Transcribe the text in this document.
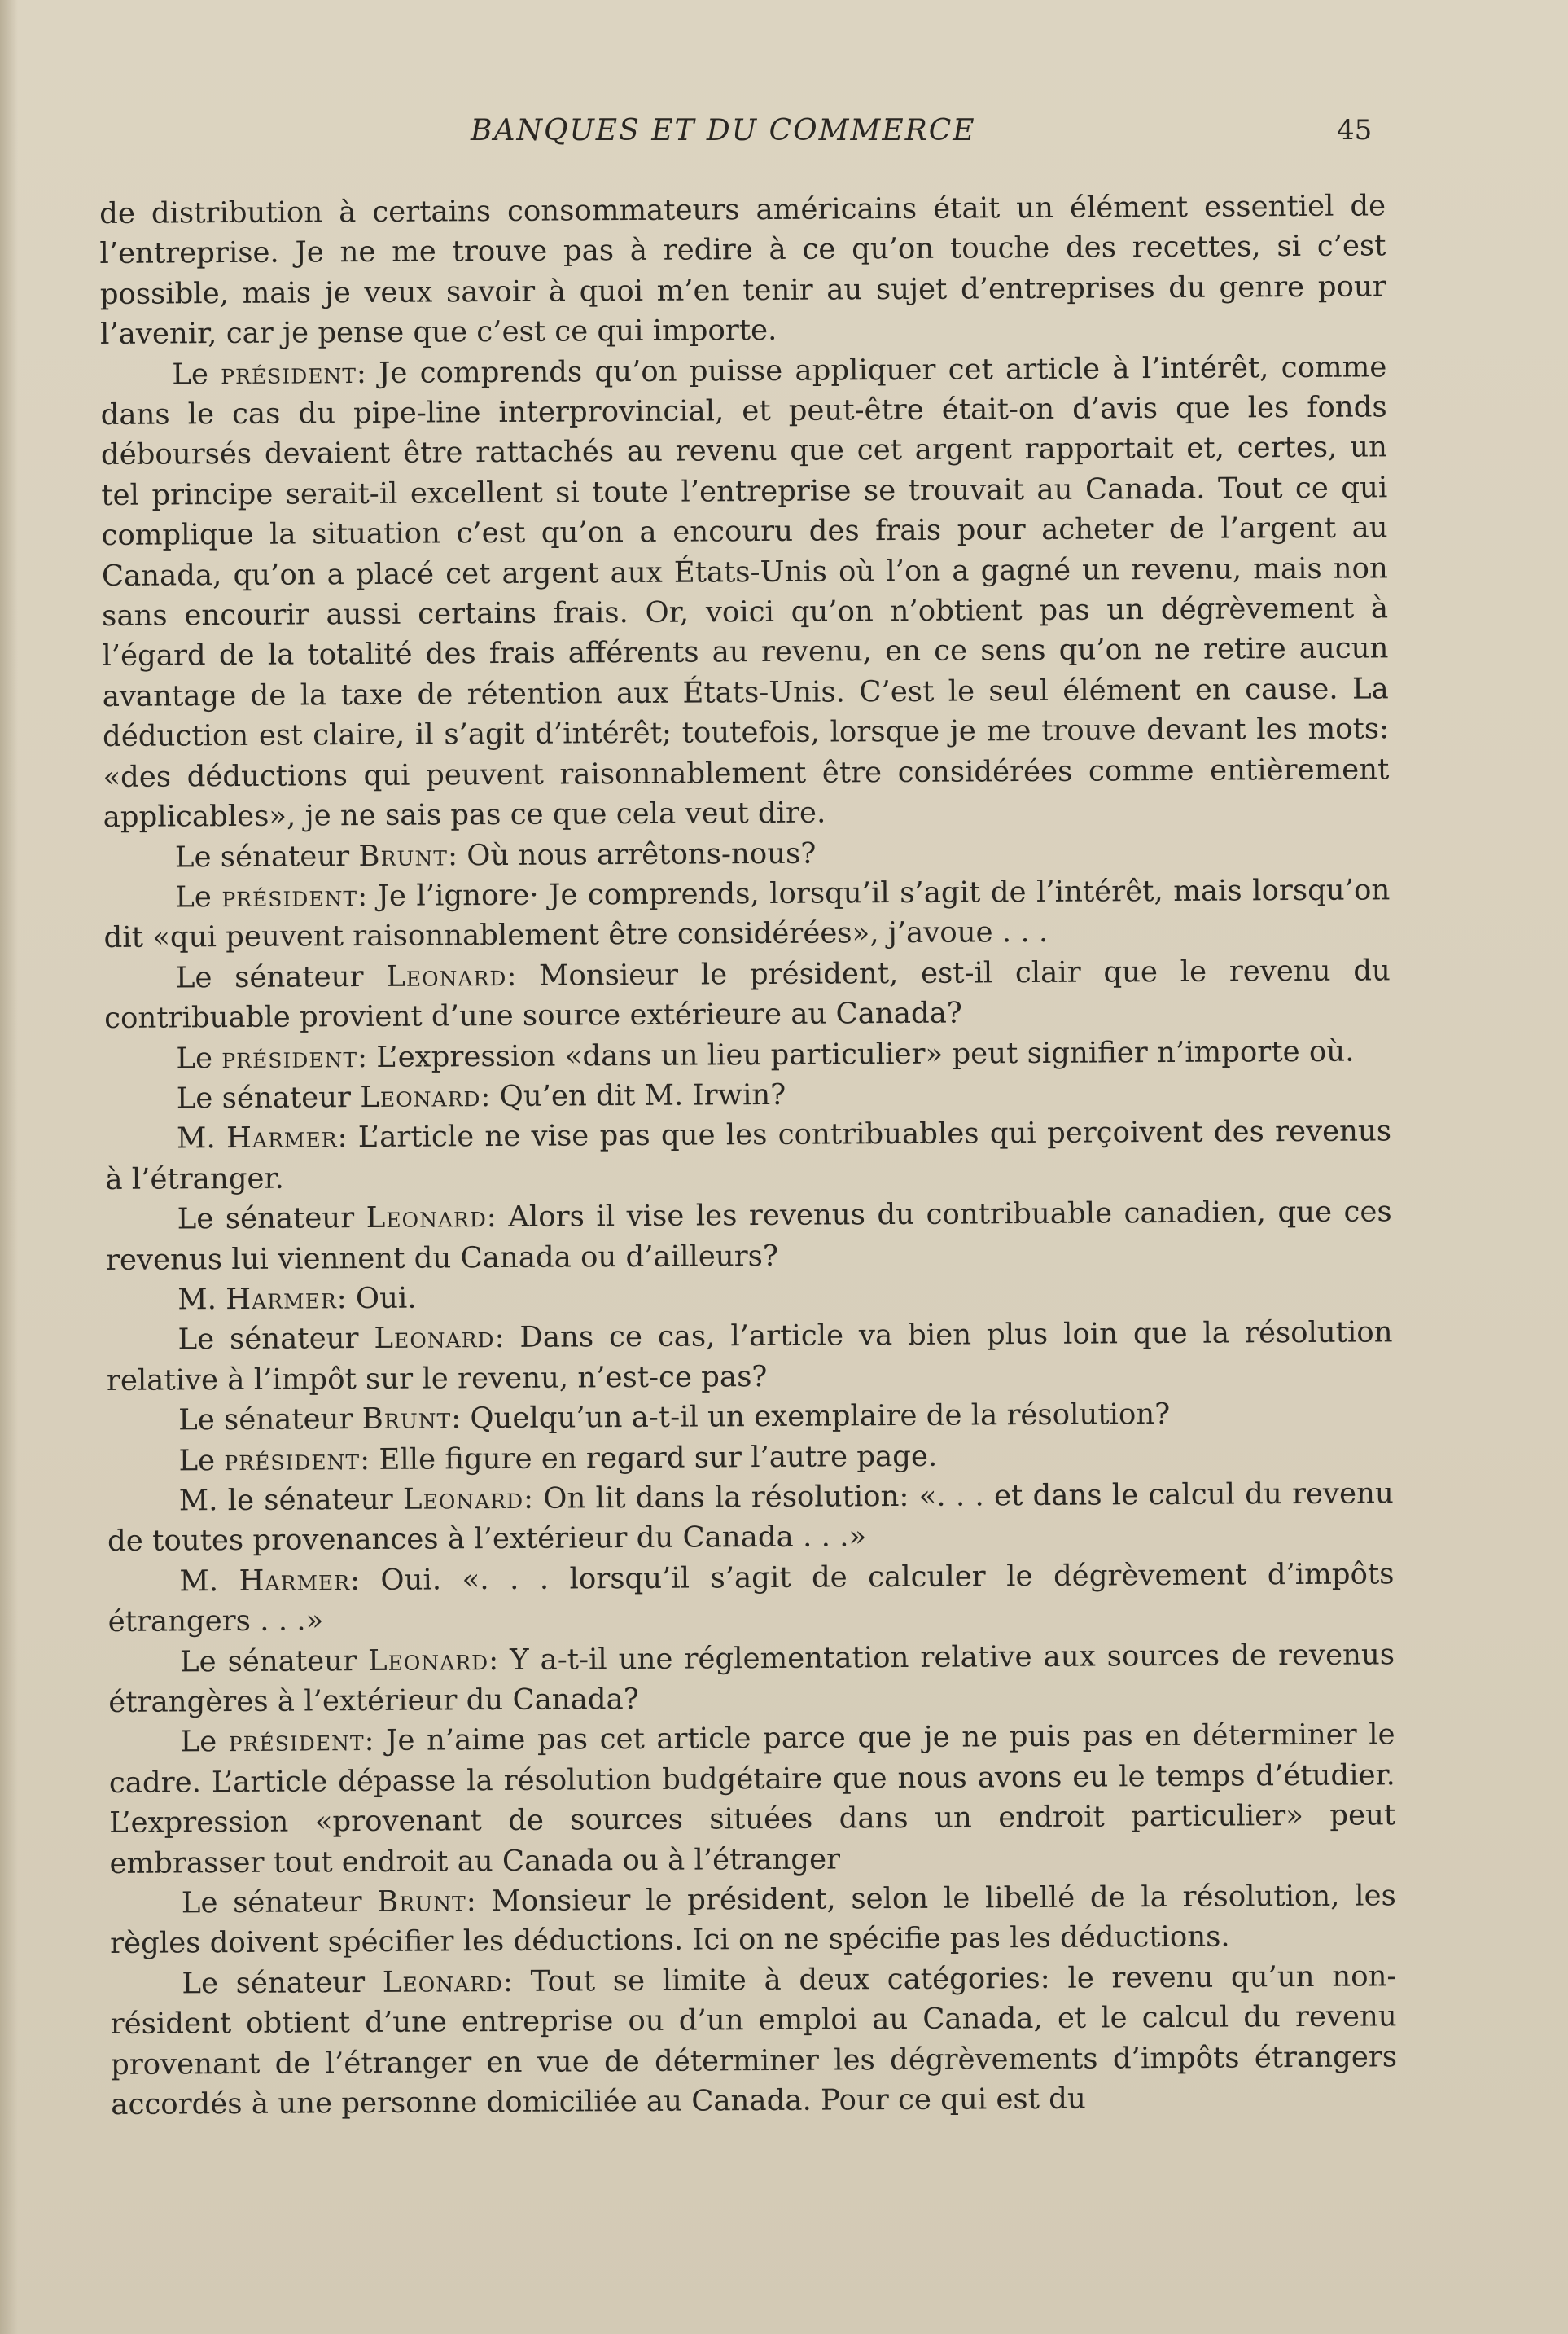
BANQUES ET DU COMMERCE	45

de distribution à certains consommateurs américains était un élément essentiel de l’entreprise. Je ne me trouve pas à redire à ce qu’on touche des recettes, si c’est possible, mais je veux savoir à quoi m’en tenir au sujet d’entreprises du genre pour l’avenir, car je pense que c’est ce qui importe.

Le président: Je comprends qu’on puisse appliquer cet article à l’intérêt, comme dans le cas du pipe-line interprovincial, et peut-être était-on d’avis que les fonds déboursés devaient être rattachés au revenu que cet argent rapportait et, certes, un tel principe serait-il excellent si toute l’entreprise se trouvait au Canada. Tout ce qui complique la situation c’est qu’on a encouru des frais pour acheter de l’argent au Canada, qu’on a placé cet argent aux États-Unis où l’on a gagné un revenu, mais non sans encourir aussi certains frais. Or, voici qu’on n’obtient pas un dégrèvement à l’égard de la totalité des frais afférents au revenu, en ce sens qu’on ne retire aucun avantage de la taxe de rétention aux États-Unis. C’est le seul élément en cause. La déduction est claire, il s’agit d’intérêt; toutefois, lorsque je me trouve devant les mots: «des déductions qui peuvent raisonnablement être considérées comme entièrement applicables», je ne sais pas ce que cela veut dire.

Le sénateur Brunt: Où nous arrêtons-nous?

Le président: Je l’ignore· Je comprends, lorsqu’il s’agit de l’intérêt, mais lorsqu’on dit «qui peuvent raisonnablement être considérées», j’avoue . . .

Le sénateur Leonard: Monsieur le président, est-il clair que le revenu du contribuable provient d’une source extérieure au Canada?

Le président: L’expression «dans un lieu particulier» peut signifier n’importe où.

Le sénateur Leonard: Qu’en dit M. Irwin?

M. Harmer: L’article ne vise pas que les contribuables qui perçoivent des revenus à l’étranger.

Le sénateur Leonard: Alors il vise les revenus du contribuable canadien, que ces revenus lui viennent du Canada ou d’ailleurs?

M. Harmer: Oui.

Le sénateur Leonard: Dans ce cas, l’article va bien plus loin que la résolution relative à l’impôt sur le revenu, n’est-ce pas?

Le sénateur Brunt: Quelqu’un a-t-il un exemplaire de la résolution?

Le président: Elle figure en regard sur l’autre page.

M. le sénateur Leonard: On lit dans la résolution: «. . . et dans le calcul du revenu de toutes provenances à l’extérieur du Canada . . .»

M. Harmer: Oui. «. . . lorsqu’il s’agit de calculer le dégrèvement d’impôts étrangers . . .»

Le sénateur Leonard: Y a-t-il une réglementation relative aux sources de revenus étrangères à l’extérieur du Canada?

Le président: Je n’aime pas cet article parce que je ne puis pas en déterminer le cadre. L’article dépasse la résolution budgétaire que nous avons eu le temps d’étudier. L’expression «provenant de sources situées dans un endroit particulier» peut embrasser tout endroit au Canada ou à l’étranger

Le sénateur Brunt: Monsieur le président, selon le libellé de la résolution, les règles doivent spécifier les déductions. Ici on ne spécifie pas les déductions.

Le sénateur Leonard: Tout se limite à deux catégories: le revenu qu’un non-résident obtient d’une entreprise ou d’un emploi au Canada, et le calcul du revenu provenant de l’étranger en vue de déterminer les dégrèvements d’impôts étrangers accordés à une personne domiciliée au Canada. Pour ce qui est du
